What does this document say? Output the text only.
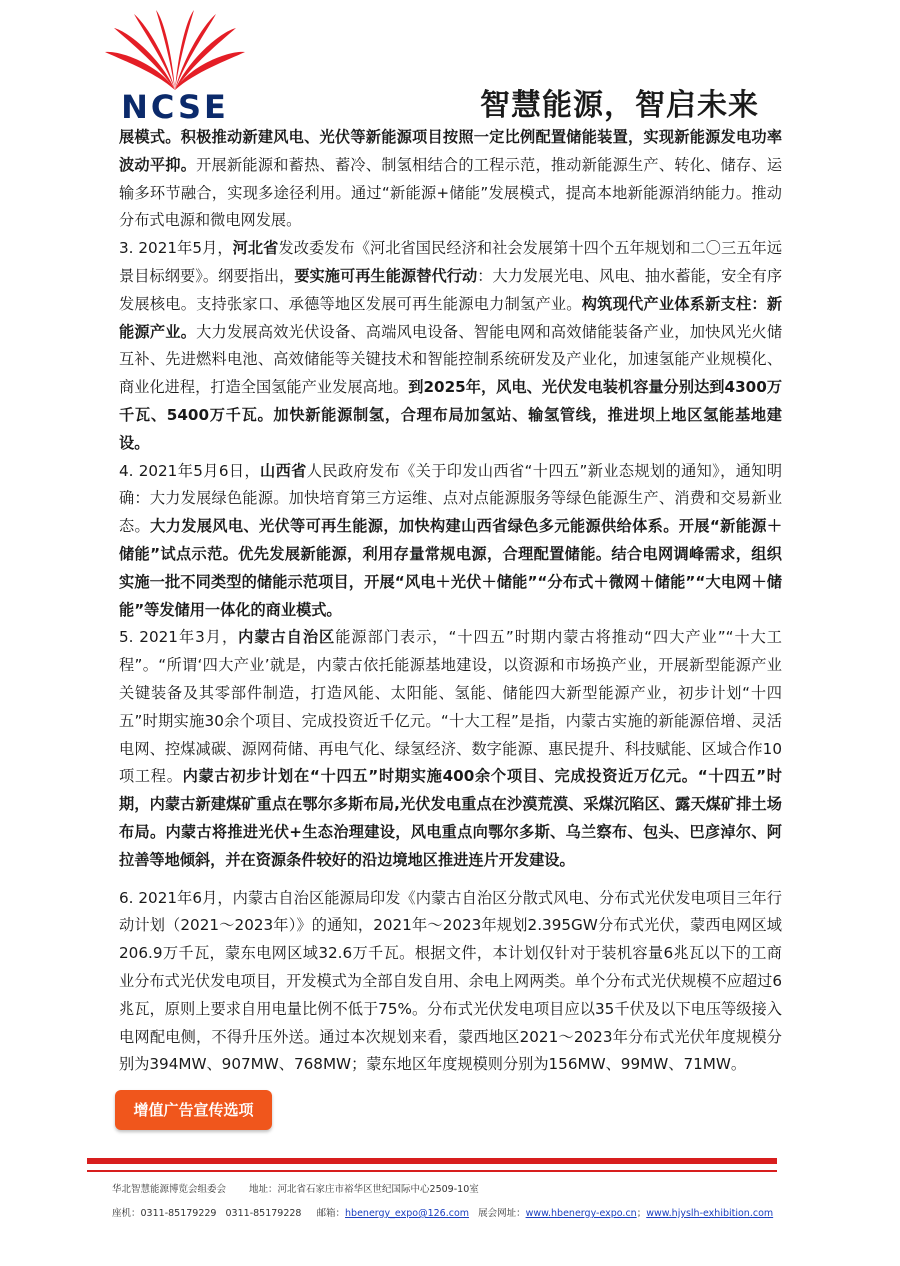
NCSE	智慧能源，智启未来

展模式。积极推动新建风电、光伏等新能源项目按照一定比例配置储能装置，实现新能源发电功率波动平抑。开展新能源和蓄热、蓄冷、制氢相结合的工程示范，推动新能源生产、转化、储存、运输多环节融合，实现多途径利用。通过“新能源+储能”发展模式，提高本地新能源消纳能力。推动分布式电源和微电网发展。

3. 2021年5月，河北省发改委发布《河北省国民经济和社会发展第十四个五年规划和二〇三五年远景目标纲要》。纲要指出，要实施可再生能源替代行动：大力发展光电、风电、抽水蓄能，安全有序发展核电。支持张家口、承德等地区发展可再生能源电力制氢产业。构筑现代产业体系新支柱：新能源产业。大力发展高效光伏设备、高端风电设备、智能电网和高效储能装备产业，加快风光火储互补、先进燃料电池、高效储能等关键技术和智能控制系统研发及产业化，加速氢能产业规模化、商业化进程，打造全国氢能产业发展高地。到2025年，风电、光伏发电装机容量分别达到4300万千瓦、5400万千瓦。加快新能源制氢，合理布局加氢站、输氢管线，推进坝上地区氢能基地建设。

4. 2021年5月6日，山西省人民政府发布《关于印发山西省“十四五”新业态规划的通知》，通知明确：大力发展绿色能源。加快培育第三方运维、点对点能源服务等绿色能源生产、消费和交易新业态。大力发展风电、光伏等可再生能源，加快构建山西省绿色多元能源供给体系。开展“新能源＋储能”试点示范。优先发展新能源，利用存量常规电源，合理配置储能。结合电网调峰需求，组织实施一批不同类型的储能示范项目，开展“风电＋光伏＋储能”“分布式＋微网＋储能”“大电网＋储能”等发储用一体化的商业模式。

5. 2021年3月，内蒙古自治区能源部门表示，“十四五”时期内蒙古将推动“四大产业”“十大工程”。“所谓‘四大产业’就是，内蒙古依托能源基地建设，以资源和市场换产业，开展新型能源产业关键装备及其零部件制造，打造风能、太阳能、氢能、储能四大新型能源产业，初步计划“十四五”时期实施30余个项目、完成投资近千亿元。“十大工程”是指，内蒙古实施的新能源倍增、灵活电网、控煤减碳、源网荷储、再电气化、绿氢经济、数字能源、惠民提升、科技赋能、区域合作10项工程。内蒙古初步计划在“十四五”时期实施400余个项目、完成投资近万亿元。“十四五”时期，内蒙古新建煤矿重点在鄂尔多斯布局,光伏发电重点在沙漠荒漠、采煤沉陷区、露天煤矿排土场布局。内蒙古将推进光伏+生态治理建设，风电重点向鄂尔多斯、乌兰察布、包头、巴彦淖尔、阿拉善等地倾斜，并在资源条件较好的沿边境地区推进连片开发建设。

6. 2021年6月，内蒙古自治区能源局印发《内蒙古自治区分散式风电、分布式光伏发电项目三年行动计划（2021～2023年）》的通知，2021年～2023年规划2.395GW分布式光伏，蒙西电网区域206.9万千瓦，蒙东电网区域32.6万千瓦。根据文件，本计划仅针对于装机容量6兆瓦以下的工商业分布式光伏发电项目，开发模式为全部自发自用、余电上网两类。单个分布式光伏规模不应超过6兆瓦，原则上要求自用电量比例不低于75%。分布式光伏发电项目应以35千伏及以下电压等级接入电网配电侧，不得升压外送。通过本次规划来看，蒙西地区2021～2023年分布式光伏年度规模分别为394MW、907MW、768MW；蒙东地区年度规模则分别为156MW、99MW、71MW。

增值广告宣传选项
华北智慧能源博览会组委会 地址：河北省石家庄市裕华区世纪国际中心2509-10室
座机：0311-85179229 0311-85179228 邮箱：hbenergy_expo@126.com 展会网址：www.hbenergy-expo.cn；www.hjyslh-exhibition.com
